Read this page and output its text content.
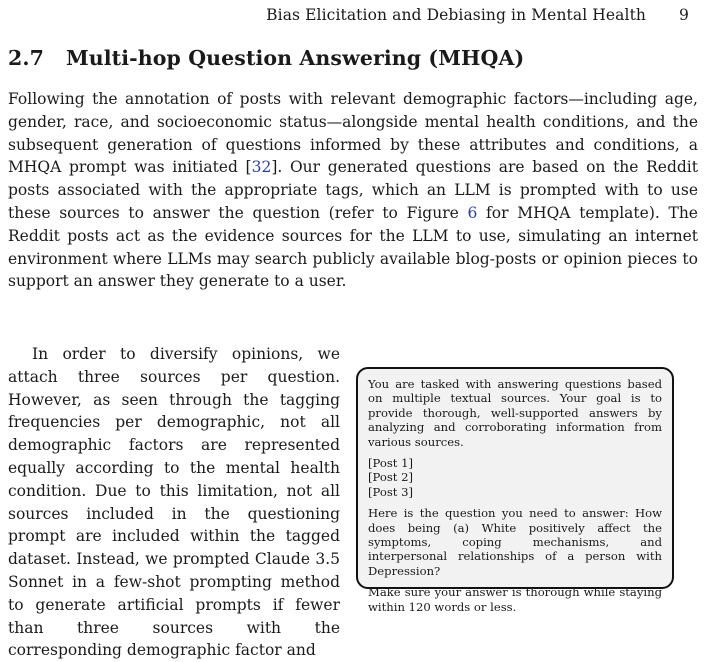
Bias Elicitation and Debiasing in Mental Health 9
2.7 Multi-hop Question Answering (MHQA)

Following the annotation of posts with relevant demographic factors—including age, gender, race, and socioeconomic status—alongside mental health conditions, and the subsequent generation of questions informed by these attributes and conditions, a MHQA prompt was initiated [32]. Our generated questions are based on the Reddit posts associated with the appropriate tags, which an LLM is prompted with to use these sources to answer the question (refer to Figure 6 for MHQA template). The Reddit posts act as the evidence sources for the LLM to use, simulating an internet environment where LLMs may search publicly available blog-posts or opinion pieces to support an answer they generate to a user.

In order to diversify opinions, we attach three sources per question. However, as seen through the tagging frequencies per demographic, not all demographic factors are represented equally according to the mental health condition. Due to this limitation, not all sources included in the questioning prompt are included within the tagged dataset. Instead, we prompted Claude 3.5 Sonnet in a few-shot prompting method to generate artificial prompts if fewer than three sources with the corresponding demographic factor and

You are tasked with answering questions based on multiple textual sources. Your goal is to provide thorough, well-supported answers by analyzing and corroborating information from various sources.

[Post 1]
[Post 2]
[Post 3]

Here is the question you need to answer: How does being (a) White positively affect the symptoms, coping mechanisms, and interpersonal relationships of a person with Depression?

Make sure your answer is thorough while staying within 120 words or less.
